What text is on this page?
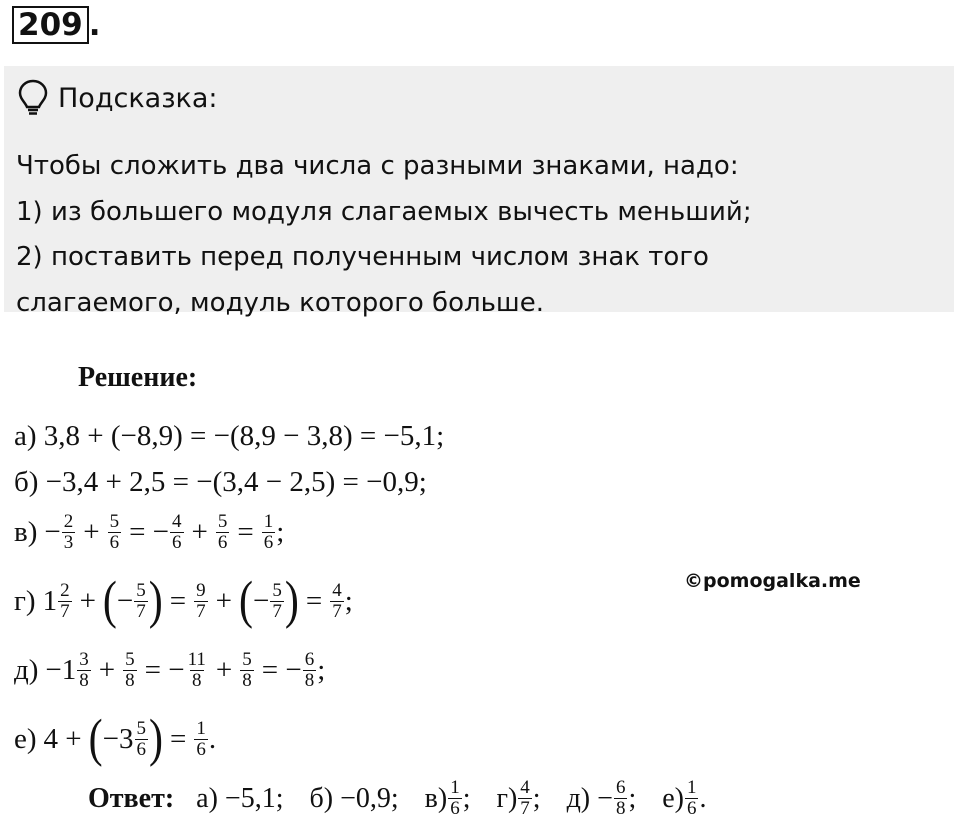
209 .
Подсказка:
Чтобы сложить два числа с разными знаками, надо:
1) из большего модуля слагаемых вычесть меньший;
2) поставить перед полученным числом знак того
слагаемого, модуль которого больше.
Решение:
а) 3,8 + (−8,9) = −(8,9 − 3,8) = −5,1;
б) −3,4 + 2,5 = −(3,4 − 2,5) = −0,9;
$в) - \frac{2}{3} + \frac{5}{6}$ = − $\frac{4}{6} + \frac{5}{6} = \frac{1}{6}$ ;
г) $1 \frac{2}{7}$ + ( − $\frac{5}{7}$ ) = $\frac{9}{7}$ + ( − $\frac{5}{7}$ ) = $\frac{4}{7}$ ;
$д) -1 \frac{3}{8} + \frac{5}{8}$ = − $\frac{11}{8} + \frac{5}{8}$ = − $\frac{6}{8}$ ;
е) 4 + ( $-3 \frac{5}{6}$ ) = $\frac{1}{6}$ .
©pomogalka.me
Ответ: а) −5,1; б) −0,9; $в) \frac{1}{6}$ ; $г) \frac{4}{7}$ ; $д) - \frac{6}{8}$ ; $е) \frac{1}{6}$ .
